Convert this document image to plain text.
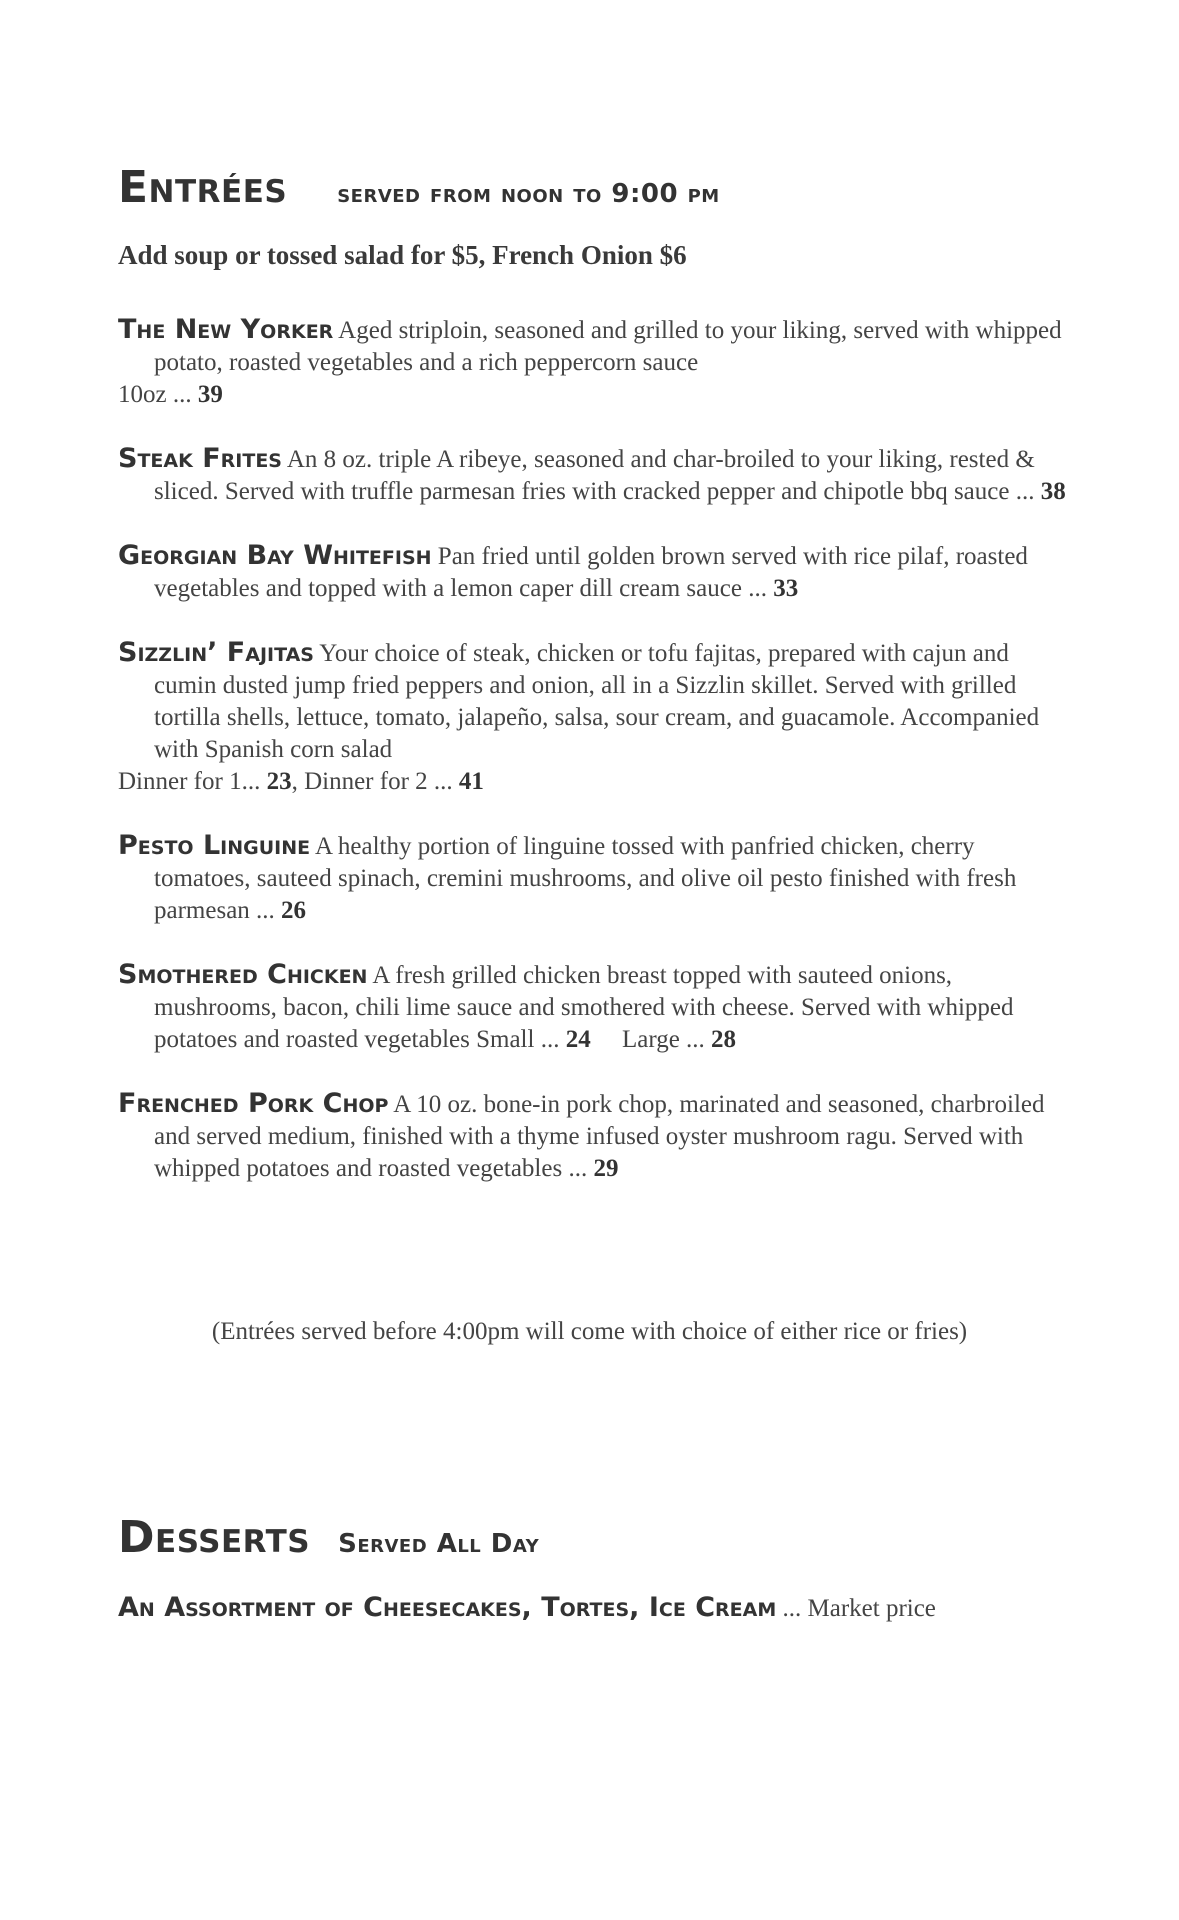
Entrées served from noon to 9:00 pm
Add soup or tossed salad for $5, French Onion $6
The New Yorker Aged striploin, seasoned and grilled to your liking, served with whipped potato, roasted vegetables and a rich peppercorn sauce
10oz ... 39
Steak Frites An 8 oz. triple A ribeye, seasoned and char-broiled to your liking, rested & sliced. Served with truffle parmesan fries with cracked pepper and chipotle bbq sauce ... 38
Georgian Bay Whitefish Pan fried until golden brown served with rice pilaf, roasted vegetables and topped with a lemon caper dill cream sauce ... 33
Sizzlin’ Fajitas Your choice of steak, chicken or tofu fajitas, prepared with cajun and cumin dusted jump fried peppers and onion, all in a Sizzlin skillet. Served with grilled tortilla shells, lettuce, tomato, jalapeño, salsa, sour cream, and guacamole. Accompanied with Spanish corn salad
Dinner for 1... 23, Dinner for 2 ... 41
Pesto Linguine A healthy portion of linguine tossed with panfried chicken, cherry tomatoes, sauteed spinach, cremini mushrooms, and olive oil pesto finished with fresh parmesan ... 26
Smothered Chicken A fresh grilled chicken breast topped with sauteed onions, mushrooms, bacon, chili lime sauce and smothered with cheese. Served with whipped potatoes and roasted vegetables Small ... 24     Large ... 28
Frenched Pork Chop A 10 oz. bone-in pork chop, marinated and seasoned, charbroiled and served medium, finished with a thyme infused oyster mushroom ragu. Served with whipped potatoes and roasted vegetables ... 29
(Entrées served before 4:00pm will come with choice of either rice or fries)
Desserts Served All Day
An Assortment of Cheesecakes, Tortes, Ice Cream ... Market price
